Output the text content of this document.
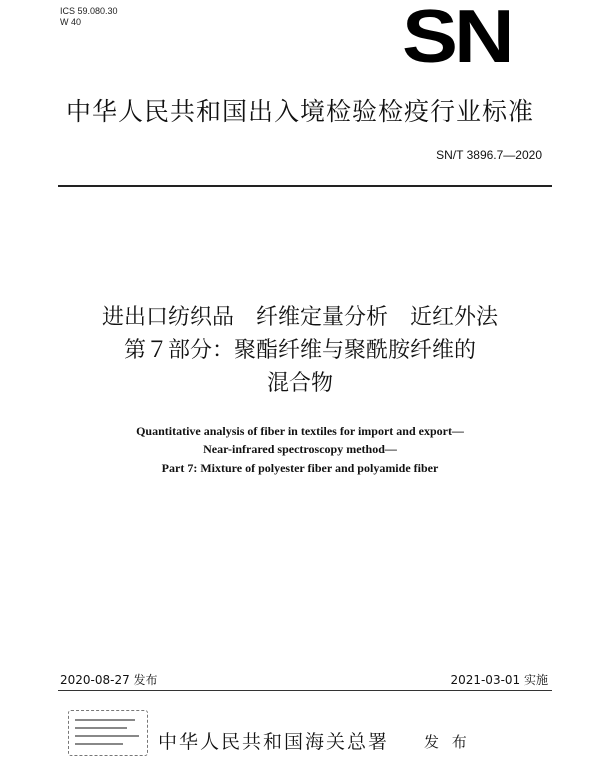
ICS 59.080.30
W 40	SN
中华人民共和国出入境检验检疫行业标准
SN/T 3896.7—2020
进出口纺织品　纤维定量分析　近红外法
第７部分：聚酯纤维与聚酰胺纤维的
混合物
Quantitative analysis of fiber in textiles for import and export—
Near-infrared spectroscopy method—
Part 7: Mixture of polyester fiber and polyamide fiber
2020-08-27 发布	2021-03-01 实施
中华人民共和国海关总署 发 布
